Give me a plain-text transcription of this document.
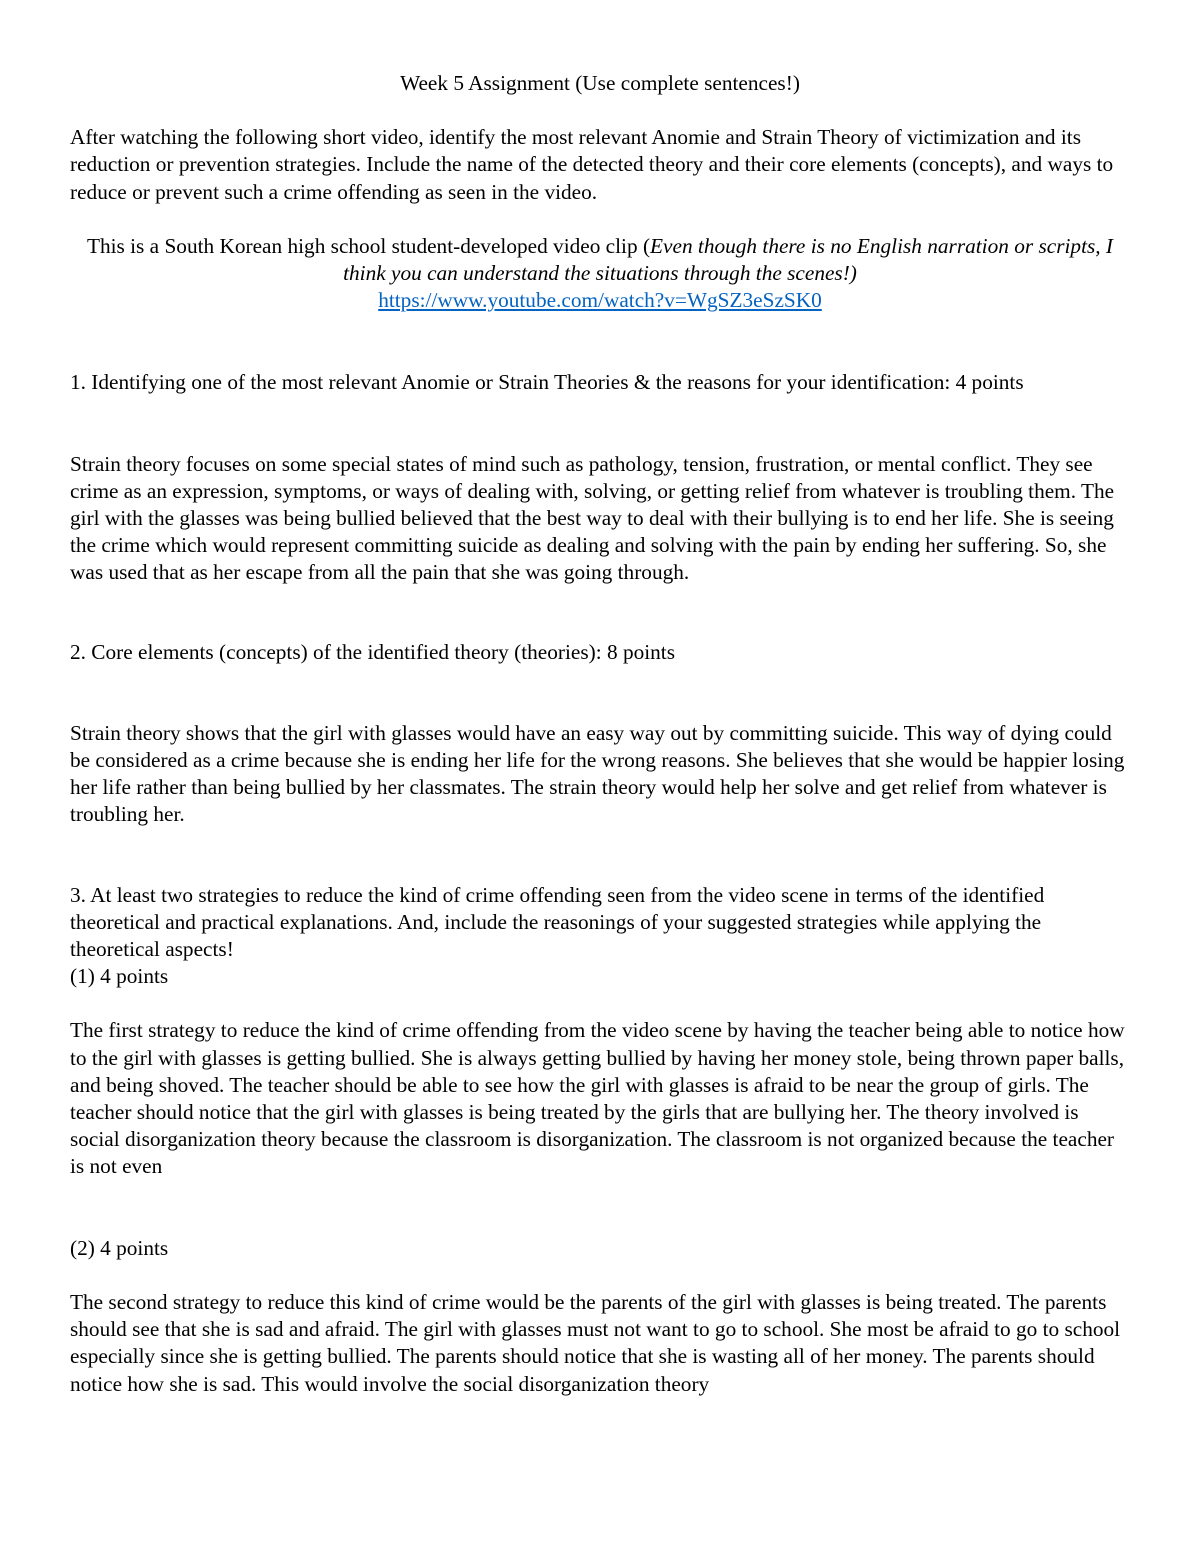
Week 5 Assignment (Use complete sentences!)

After watching the following short video, identify the most relevant Anomie and Strain Theory of victimization and its reduction or prevention strategies. Include the name of the detected theory and their core elements (concepts), and ways to reduce or prevent such a crime offending as seen in the video.

This is a South Korean high school student-developed video clip (Even though there is no English narration or scripts, I think you can understand the situations through the scenes!)

https://www.youtube.com/watch?v=WgSZ3eSzSK0

1. Identifying one of the most relevant Anomie or Strain Theories & the reasons for your identification: 4 points

Strain theory focuses on some special states of mind such as pathology, tension, frustration, or mental conflict. They see crime as an expression, symptoms, or ways of dealing with, solving, or getting relief from whatever is troubling them. The girl with the glasses was being bullied believed that the best way to deal with their bullying is to end her life. She is seeing the crime which would represent committing suicide as dealing and solving with the pain by ending her suffering. So, she was used that as her escape from all the pain that she was going through.

2. Core elements (concepts) of the identified theory (theories): 8 points

Strain theory shows that the girl with glasses would have an easy way out by committing suicide. This way of dying could be considered as a crime because she is ending her life for the wrong reasons. She believes that she would be happier losing her life rather than being bullied by her classmates. The strain theory would help her solve and get relief from whatever is troubling her.

3. At least two strategies to reduce the kind of crime offending seen from the video scene in terms of the identified theoretical and practical explanations. And, include the reasonings of your suggested strategies while applying the theoretical aspects!

(1) 4 points

The first strategy to reduce the kind of crime offending from the video scene by having the teacher being able to notice how to the girl with glasses is getting bullied. She is always getting bullied by having her money stole, being thrown paper balls, and being shoved. The teacher should be able to see how the girl with glasses is afraid to be near the group of girls. The teacher should notice that the girl with glasses is being treated by the girls that are bullying her. The theory involved is social disorganization theory because the classroom is disorganization. The classroom is not organized because the teacher is not even

(2) 4 points

The second strategy to reduce this kind of crime would be the parents of the girl with glasses is being treated. The parents should see that she is sad and afraid. The girl with glasses must not want to go to school. She most be afraid to go to school especially since she is getting bullied. The parents should notice that she is wasting all of her money. The parents should notice how she is sad. This would involve the social disorganization theory
